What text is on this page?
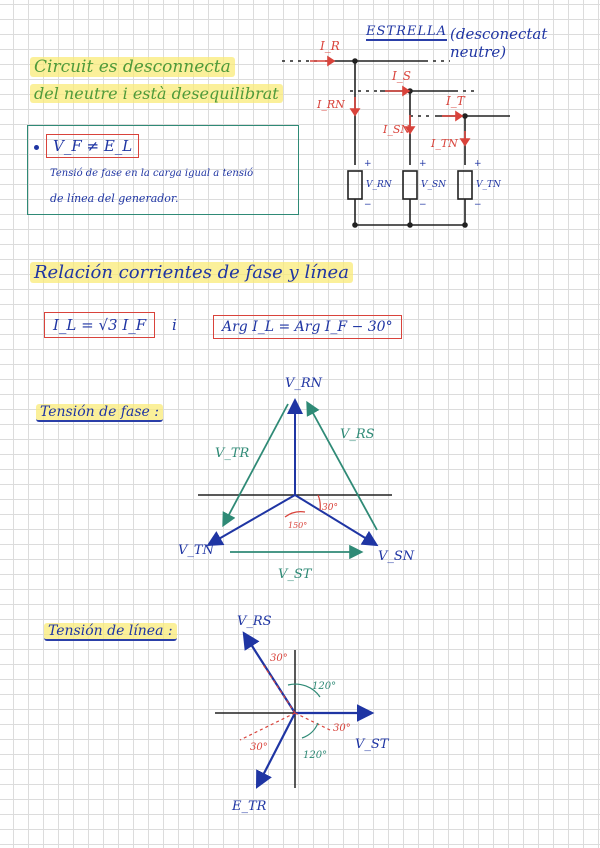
ESTRELLA (desconectat neutre)
Circuit es desconnecta
del neutre i està desequilibrat
V_F ≠ E_L
Tensió de fase en la carga igual a tensió
de línea del generador.
I_R
I_S
I_T
I_RN
I_SN
I_TN
V_RN	V_SN	V_TN
+	+	+
−	−	−
Relación corrientes de fase y línea
I_L = √3 I_F	i	Arg I_L = Arg I_F − 30°
Tensión de fase :
30°
150°
V_RN
V_TN	V_SN
V_TR
V_RS
V_ST
Tensión de línea :
30°
30°
30°
120°
120°
V_RS
V_ST
E_TR
